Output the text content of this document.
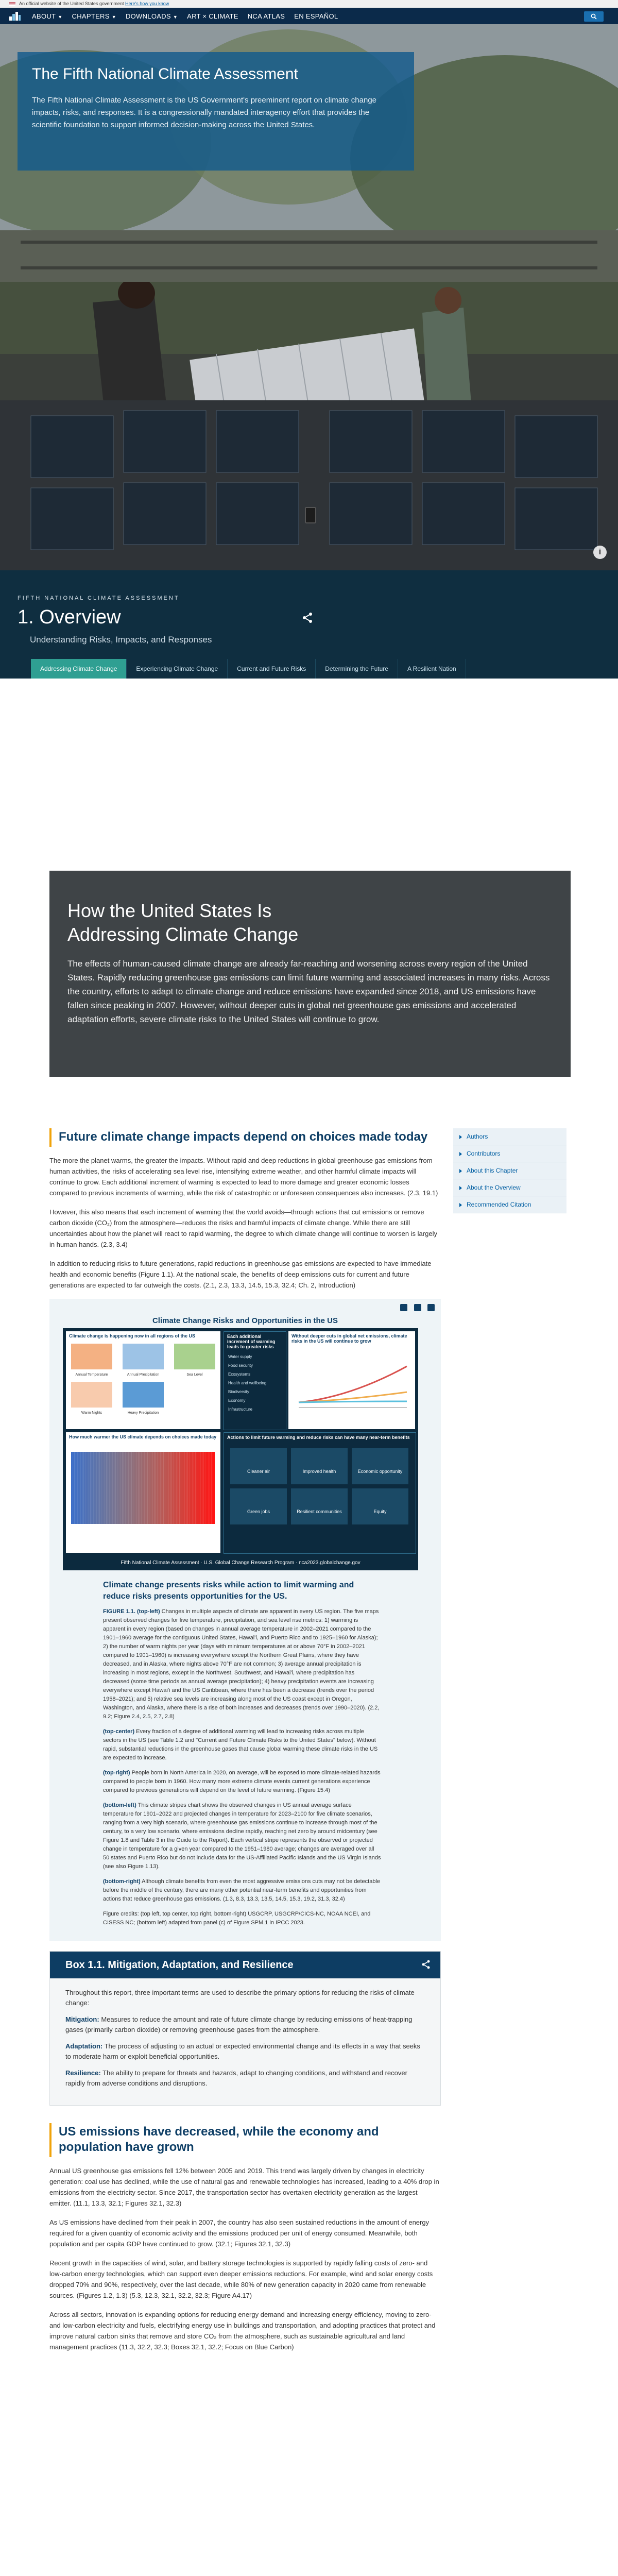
An official website of the United States government Here's how you know
ABOUT ▼ CHAPTERS ▼ DOWNLOADS ▼ ART × CLIMATE NCA ATLAS EN ESPAÑOL
The Fifth National Climate Assessment

The Fifth National Climate Assessment is the US Government's preeminent report on climate change impacts, risks, and responses. It is a congressionally mandated interagency effort that provides the scientific foundation to support informed decision-making across the United States.

i
FIFTH NATIONAL CLIMATE ASSESSMENT
1. Overview
Understanding Risks, Impacts, and Responses
Addressing Climate Change	Experiencing Climate Change	Current and Future Risks	Determining the Future	A Resilient Nation
How the United States Is Addressing Climate Change

The effects of human-caused climate change are already far-reaching and worsening across every region of the United States. Rapidly reducing greenhouse gas emissions can limit future warming and associated increases in many risks. Across the country, efforts to adapt to climate change and reduce emissions have expanded since 2018, and US emissions have fallen since peaking in 2007. However, without deeper cuts in global net greenhouse gas emissions and accelerated adaptation efforts, severe climate risks to the United States will continue to grow.

Authors
Contributors
About this Chapter
About the Overview
Recommended Citation
Future climate change impacts depend on choices made today

The more the planet warms, the greater the impacts. Without rapid and deep reductions in global greenhouse gas emissions from human activities, the risks of accelerating sea level rise, intensifying extreme weather, and other harmful climate impacts will continue to grow. Each additional increment of warming is expected to lead to more damage and greater economic losses compared to previous increments of warming, while the risk of catastrophic or unforeseen consequences also increases. (2.3, 19.1)

However, this also means that each increment of warming that the world avoids—through actions that cut emissions or remove carbon dioxide (CO₂) from the atmosphere—reduces the risks and harmful impacts of climate change. While there are still uncertainties about how the planet will react to rapid warming, the degree to which climate change will continue to worsen is largely in human hands. (2.3, 3.4)

In addition to reducing risks to future generations, rapid reductions in greenhouse gas emissions are expected to have immediate health and economic benefits (Figure 1.1). At the national scale, the benefits of deep emissions cuts for current and future generations are expected to far outweigh the costs. (2.1, 2.3, 13.3, 14.5, 15.3, 32.4; Ch. 2, Introduction)

Climate Change Risks and Opportunities in the US
Climate change is happening now in all regions of the US
Annual Temperature	Annual Precipitation	Sea Level
Warm Nights	Heavy Precipitation
Each additional increment of warming leads to greater risks
Water supply
Food security
Ecosystems
Health and wellbeing
Biodiversity
Economy
Infrastructure
Without deeper cuts in global net emissions, climate risks in the US will continue to grow
How much warmer the US climate depends on choices made today	Actions to limit future warming and reduce risks can have many near-term benefits
Cleaner air	Improved health	Economic opportunity
Green jobs	Resilient communities	Equity
Fifth National Climate Assessment · U.S. Global Change Research Program · nca2023.globalchange.gov
Climate change presents risks while action to limit warming and reduce risks presents opportunities for the US.

FIGURE 1.1. (top-left) Changes in multiple aspects of climate are apparent in every US region. The five maps present observed changes for five temperature, precipitation, and sea level rise metrics: 1) warming is apparent in every region (based on changes in annual average temperature in 2002–2021 compared to the 1901–1960 average for the contiguous United States, Hawai'i, and Puerto Rico and to 1925–1960 for Alaska); 2) the number of warm nights per year (days with minimum temperatures at or above 70°F in 2002–2021 compared to 1901–1960) is increasing everywhere except the Northern Great Plains, where they have decreased, and in Alaska, where nights above 70°F are not common; 3) average annual precipitation is increasing in most regions, except in the Northwest, Southwest, and Hawai'i, where precipitation has decreased (some time periods as annual average precipitation); 4) heavy precipitation events are increasing everywhere except Hawai'i and the US Caribbean, where there has been a decrease (trends over the period 1958–2021); and 5) relative sea levels are increasing along most of the US coast except in Oregon, Washington, and Alaska, where there is a rise of both increases and decreases (trends over 1990–2020). (2.2, 9.2; Figure 2.4, 2.5, 2.7, 2.8)

(top-center) Every fraction of a degree of additional warming will lead to increasing risks across multiple sectors in the US (see Table 1.2 and "Current and Future Climate Risks to the United States" below). Without rapid, substantial reductions in the greenhouse gases that cause global warming these climate risks in the US are expected to increase.

(top-right) People born in North America in 2020, on average, will be exposed to more climate-related hazards compared to people born in 1960. How many more extreme climate events current generations experience compared to previous generations will depend on the level of future warming. (Figure 15.4)

(bottom-left) This climate stripes chart shows the observed changes in US annual average surface temperature for 1901–2022 and projected changes in temperature for 2023–2100 for five climate scenarios, ranging from a very high scenario, where greenhouse gas emissions continue to increase through most of the century, to a very low scenario, where emissions decline rapidly, reaching net zero by around midcentury (see Figure 1.8 and Table 3 in the Guide to the Report). Each vertical stripe represents the observed or projected change in temperature for a given year compared to the 1951–1980 average; changes are averaged over all 50 states and Puerto Rico but do not include data for the US-Affiliated Pacific Islands and the US Virgin Islands (see also Figure 1.13).

(bottom-right) Although climate benefits from even the most aggressive emissions cuts may not be detectable before the middle of the century, there are many other potential near-term benefits and opportunities from actions that reduce greenhouse gas emissions. (1.3, 8.3, 13.3, 13.5, 14.5, 15.3, 19.2, 31.3, 32.4)

Figure credits: (top left, top center, top right, bottom-right) USGCRP, USGCRP/CICS-NC, NOAA NCEI, and CISESS NC; (bottom left) adapted from panel (c) of Figure SPM.1 in IPCC 2023.

Box 1.1. Mitigation, Adaptation, and Resilience

Throughout this report, three important terms are used to describe the primary options for reducing the risks of climate change:

Mitigation: Measures to reduce the amount and rate of future climate change by reducing emissions of heat-trapping gases (primarily carbon dioxide) or removing greenhouse gases from the atmosphere.

Adaptation: The process of adjusting to an actual or expected environmental change and its effects in a way that seeks to moderate harm or exploit beneficial opportunities.

Resilience: The ability to prepare for threats and hazards, adapt to changing conditions, and withstand and recover rapidly from adverse conditions and disruptions.

US emissions have decreased, while the economy and population have grown

Annual US greenhouse gas emissions fell 12% between 2005 and 2019. This trend was largely driven by changes in electricity generation: coal use has declined, while the use of natural gas and renewable technologies has increased, leading to a 40% drop in emissions from the electricity sector. Since 2017, the transportation sector has overtaken electricity generation as the largest emitter. (11.1, 13.3, 32.1; Figures 32.1, 32.3)

As US emissions have declined from their peak in 2007, the country has also seen sustained reductions in the amount of energy required for a given quantity of economic activity and the emissions produced per unit of energy consumed. Meanwhile, both population and per capita GDP have continued to grow. (32.1; Figures 32.1, 32.3)

Recent growth in the capacities of wind, solar, and battery storage technologies is supported by rapidly falling costs of zero- and low-carbon energy technologies, which can support even deeper emissions reductions. For example, wind and solar energy costs dropped 70% and 90%, respectively, over the last decade, while 80% of new generation capacity in 2020 came from renewable sources. (Figures 1.2, 1.3) (5.3, 12.3, 32.1, 32.2, 32.3; Figure A4.17)

Across all sectors, innovation is expanding options for reducing energy demand and increasing energy efficiency, moving to zero- and low-carbon electricity and fuels, electrifying energy use in buildings and transportation, and adopting practices that protect and improve natural carbon sinks that remove and store CO₂ from the atmosphere, such as sustainable agricultural and land management practices (11.3, 32.2, 32.3; Boxes 32.1, 32.2; Focus on Blue Carbon)
